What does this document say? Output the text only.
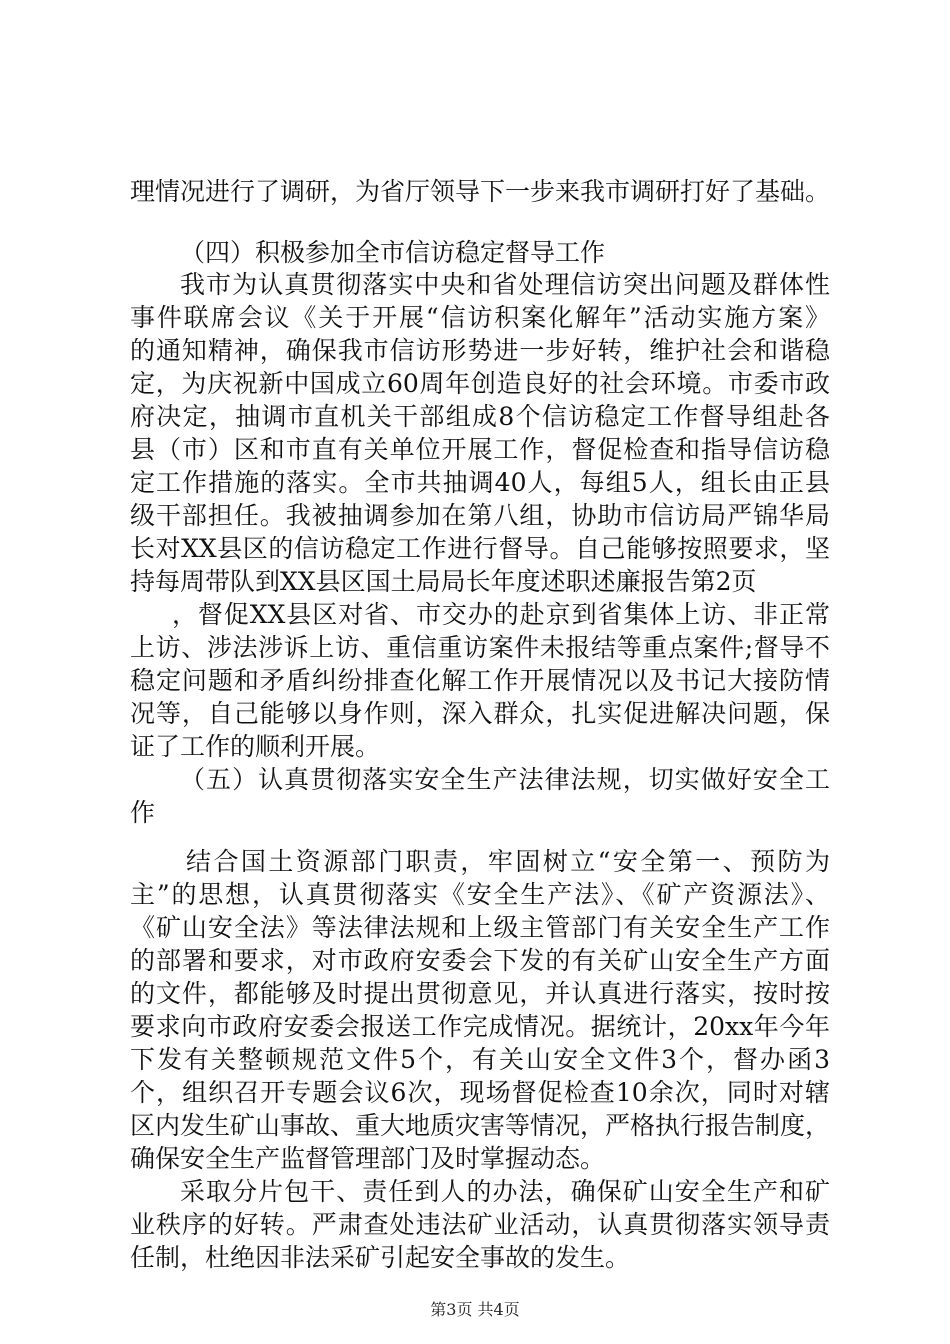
理情况进行了调研，为省厅领导下一步来我市调研打好了基础。
（四）积极参加全市信访稳定督导工作
我市为认真贯彻落实中央和省处理信访突出问题及群体性
事件联席会议《关于开展“信访积案化解年”活动实施方案》
的通知精神，确保我市信访形势进一步好转，维护社会和谐稳
定，为庆祝新中国成立60周年创造良好的社会环境。市委市政
府决定，抽调市直机关干部组成8个信访稳定工作督导组赴各
县（市）区和市直有关单位开展工作，督促检查和指导信访稳
定工作措施的落实。全市共抽调40人，每组5人，组长由正县
级干部担任。我被抽调参加在第八组，协助市信访局严锦华局
长对XX县区的信访稳定工作进行督导。自己能够按照要求，坚
持每周带队到XX县区国土局局长年度述职述廉报告第2页
，督促XX县区对省、市交办的赴京到省集体上访、非正常
上访、涉法涉诉上访、重信重访案件未报结等重点案件;督导不
稳定问题和矛盾纠纷排查化解工作开展情况以及书记大接防情
况等，自己能够以身作则，深入群众，扎实促进解决问题，保
证了工作的顺利开展。
（五）认真贯彻落实安全生产法律法规，切实做好安全工
作
结合国土资源部门职责，牢固树立“安全第一、预防为
主”的思想，认真贯彻落实《安全生产法》、《矿产资源法》、
《矿山安全法》等法律法规和上级主管部门有关安全生产工作
的部署和要求，对市政府安委会下发的有关矿山安全生产方面
的文件，都能够及时提出贯彻意见，并认真进行落实，按时按
要求向市政府安委会报送工作完成情况。据统计，20xx年今年
下发有关整顿规范文件5个，有关山安全文件3个，督办函3
个，组织召开专题会议6次，现场督促检查10余次，同时对辖
区内发生矿山事故、重大地质灾害等情况，严格执行报告制度，
确保安全生产监督管理部门及时掌握动态。
采取分片包干、责任到人的办法，确保矿山安全生产和矿
业秩序的好转。严肃查处违法矿业活动，认真贯彻落实领导责
任制，杜绝因非法采矿引起安全事故的发生。
第3页 共4页
